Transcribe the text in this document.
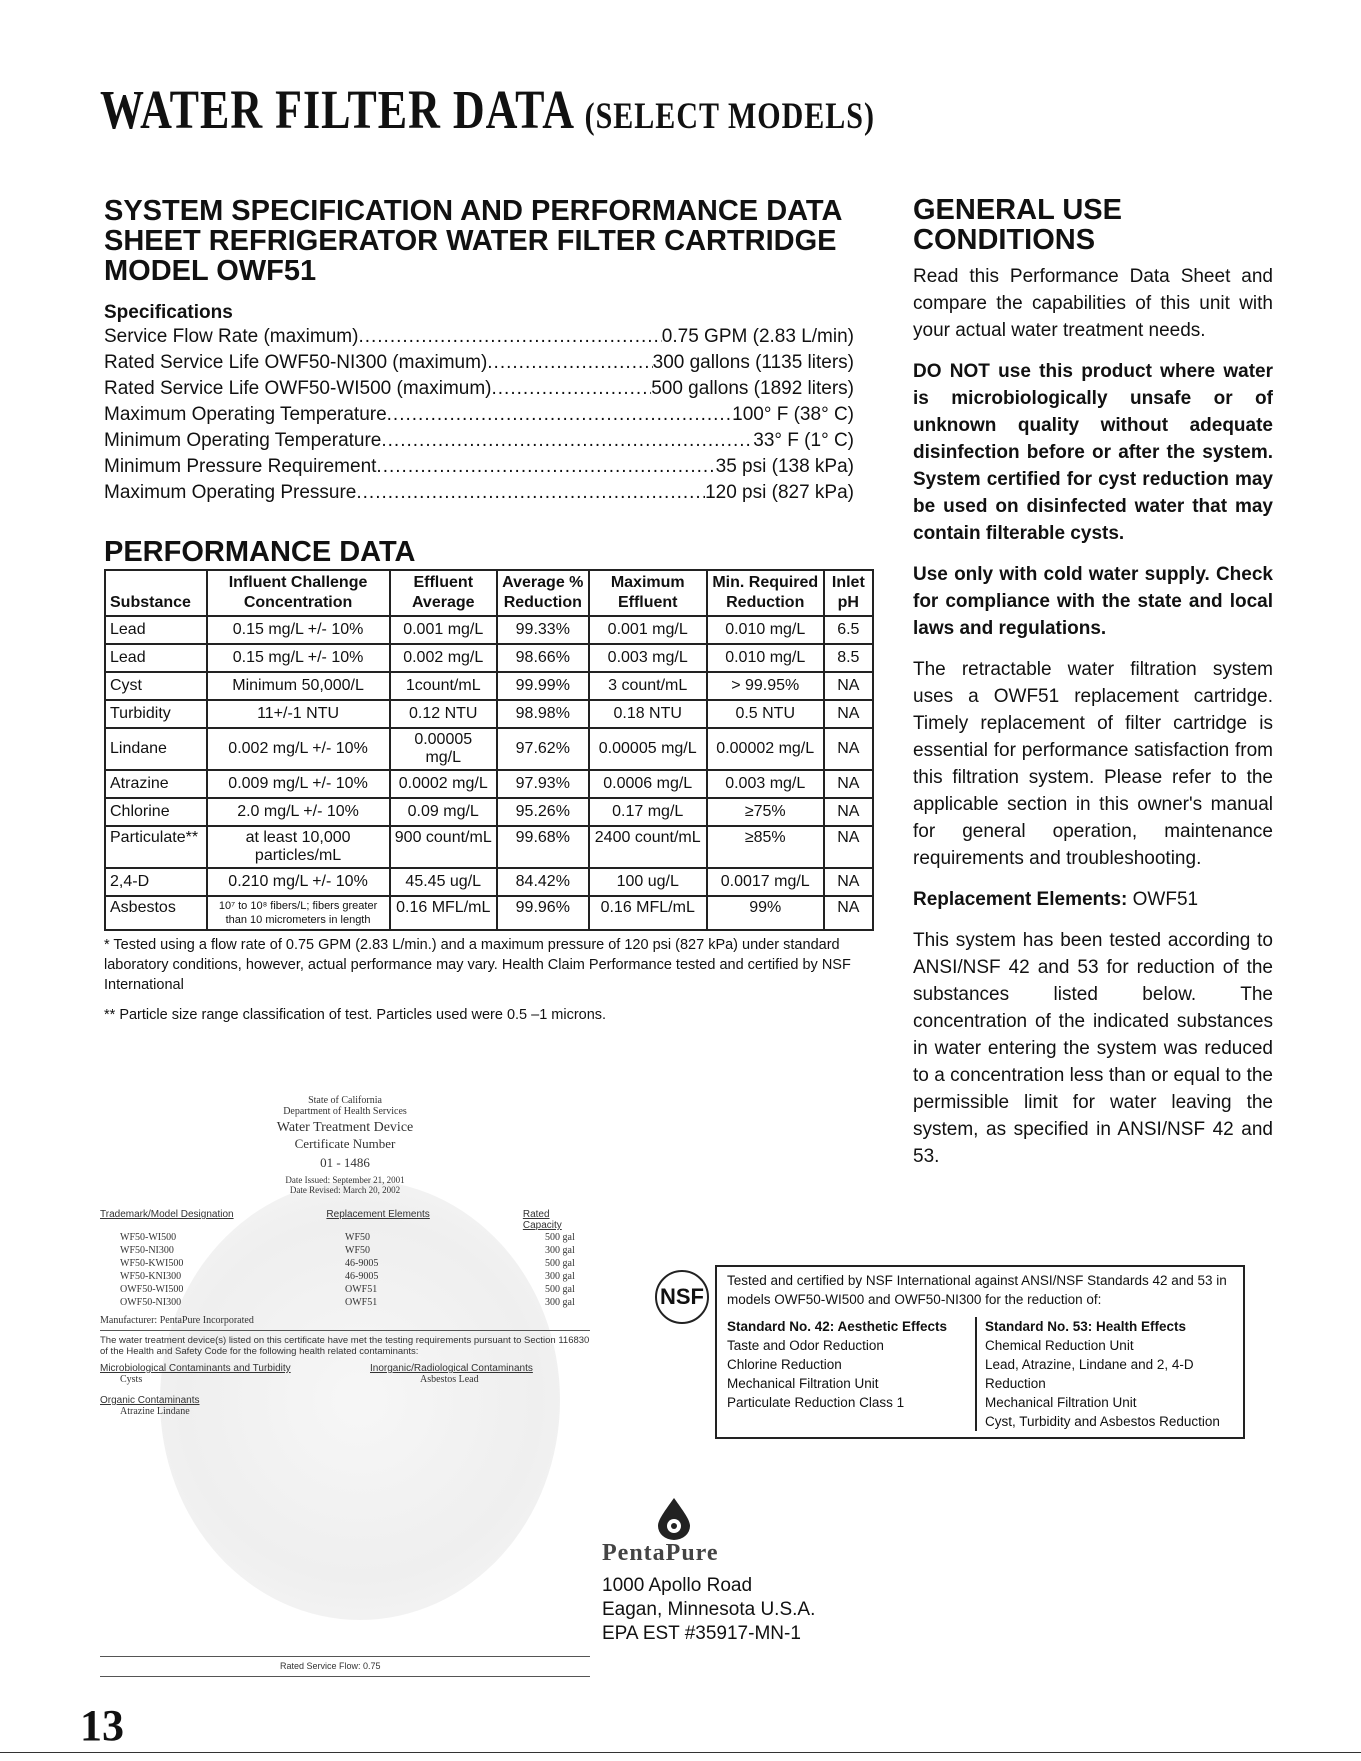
WATER FILTER DATA (SELECT MODELS)
SYSTEM SPECIFICATION AND PERFORMANCE DATA
SHEET REFRIGERATOR WATER FILTER CARTRIDGE
MODEL OWF51
Specifications
Service Flow Rate (maximum) .....	0.75 GPM (2.83 L/min)
Rated Service Life OWF50-NI300 (maximum) .....	300 gallons (1135 liters)
Rated Service Life OWF50-WI500 (maximum) .....	500 gallons (1892 liters)
Maximum Operating Temperature .....	100° F (38° C)
Minimum Operating Temperature .....	33° F (1° C)
Minimum Pressure Requirement .....	35 psi (138 kPa)
Maximum Operating Pressure .....	120 psi (827 kPa)
PERFORMANCE DATA
Substance	Influent Challenge Concentration	Effluent Average	Average % Reduction	Maximum Effluent	Min. Required Reduction	Inlet pH
Lead	0.15 mg/L +/- 10%	0.001 mg/L	99.33%	0.001 mg/L	0.010 mg/L	6.5
Lead	0.15 mg/L +/- 10%	0.002 mg/L	98.66%	0.003 mg/L	0.010 mg/L	8.5
Cyst	Minimum 50,000/L	1count/mL	99.99%	3 count/mL	> 99.95%	NA
Turbidity	11+/-1 NTU	0.12 NTU	98.98%	0.18 NTU	0.5 NTU	NA
Lindane	0.002 mg/L +/- 10%	0.00005 mg/L	97.62%	0.00005 mg/L	0.00002 mg/L	NA
Atrazine	0.009 mg/L +/- 10%	0.0002 mg/L	97.93%	0.0006 mg/L	0.003 mg/L	NA
Chlorine	2.0 mg/L +/- 10%	0.09 mg/L	95.26%	0.17 mg/L	≥75%	NA
Particulate**	at least 10,000 particles/mL	900 count/mL	99.68%	2400 count/mL	≥85%	NA
2,4-D	0.210 mg/L +/- 10%	45.45 ug/L	84.42%	100 ug/L	0.0017 mg/L	NA
Asbestos	10⁷ to 10⁸ fibers/L; fibers greater than 10 micrometers in length	0.16 MFL/mL	99.96%	0.16 MFL/mL	99%	NA
* Tested using a flow rate of 0.75 GPM (2.83 L/min.) and a maximum pressure of 120 psi (827 kPa) under standard laboratory conditions, however, actual performance may vary. Health Claim Performance tested and certified by NSF International
** Particle size range classification of test. Particles used were 0.5 –1 microns.
GENERAL USE CONDITIONS

Read this Performance Data Sheet and compare the capabilities of this unit with your actual water treatment needs.

DO NOT use this product where water is microbiologically unsafe or of unknown quality without adequate disinfection before or after the system. System certified for cyst reduction may be used on disinfected water that may contain filterable cysts.

Use only with cold water supply. Check for compliance with the state and local laws and regulations.

The retractable water filtration system uses a OWF51 replacement cartridge. Timely replacement of filter cartridge is essential for performance satisfaction from this filtration system. Please refer to the applicable section in this owner's manual for general operation, maintenance requirements and troubleshooting.

Replacement Elements: OWF51

This system has been tested according to ANSI/NSF 42 and 53 for reduction of the substances listed below. The concentration of the indicated substances in water entering the system was reduced to a concentration less than or equal to the permissible limit for water leaving the system, as specified in ANSI/NSF 42 and 53.

State of California
Department of Health Services
Water Treatment Device
Certificate Number
01 - 1486
Date Issued: September 21, 2001
Date Revised: March 20, 2002
Trademark/Model Designation	Replacement Elements	Rated Capacity
WF50-WI500	WF50	500 gal
WF50-NI300	WF50	300 gal
WF50-KWI500	46-9005	500 gal
WF50-KNI300	46-9005	300 gal
OWF50-WI500	OWF51	500 gal
OWF50-NI300	OWF51	300 gal
Manufacturer: PentaPure Incorporated
The water treatment device(s) listed on this certificate have met the testing requirements pursuant to Section 116830 of the Health and Safety Code for the following health related contaminants:
Microbiological Contaminants and Turbidity	Inorganic/Radiological Contaminants
Cysts	Asbestos Lead
Organic Contaminants
Atrazine Lindane
Rated Service Flow: 0.75
NSF
Tested and certified by NSF International against ANSI/NSF Standards 42 and 53 in models OWF50-WI500 and OWF50-NI300 for the reduction of:
Standard No. 42: Aesthetic Effects
Taste and Odor Reduction
Chlorine Reduction
Mechanical Filtration Unit
Particulate Reduction Class 1
Standard No. 53: Health Effects
Chemical Reduction Unit
Lead, Atrazine, Lindane and 2, 4-D Reduction
Mechanical Filtration Unit
Cyst, Turbidity and Asbestos Reduction
PentaPure
1000 Apollo Road
Eagan, Minnesota U.S.A.
EPA EST #35917-MN-1
13
